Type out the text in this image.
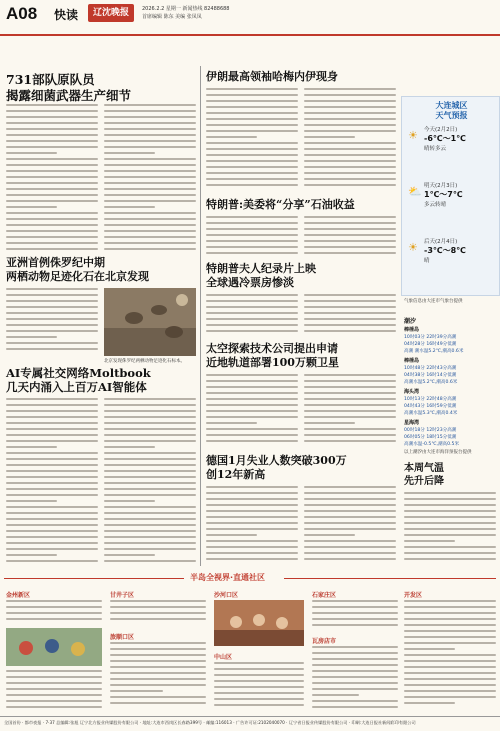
A08 快读	辽沈晚报	2026.2.2 星期一 新闻热线 82488688
首席编辑 陈东 美编 张凤凤
731部队原队员
揭露细菌武器生产细节
亚洲首例侏罗纪中期
两栖动物足迹化石在北京发现
北京发现侏罗纪两栖动物足迹化石标本。
AI专属社交网络Moltbook
几天内涌入上百万AI智能体
伊朗最高领袖哈梅内伊现身
特朗普:美委将“分享”石油收益
特朗普夫人纪录片上映
全球遇冷票房惨淡
太空探索技术公司提出申请
近地轨道部署100万颗卫星
德国1月失业人数突破300万
创12年新高
大连城区
天气预报
☀ 今天(2月2日)
-6℃～1℃
晴转多云
⛅ 明天(2月3日)
1℃～7℃
多云转晴
☀ 后天(2月4日)
-3℃～8℃
晴
气象信息由大连市气象台提供
潮汐
棒棰岛
10时03分 22时39分高潮
04时28分 16时49分低潮
高潮 潮水温5.2℃,潮高0.6米
棒棰岛
10时48分 22时43分高潮
04时38分 16时14分低潮
高潮水温5.2℃,潮高0.6米
海头湾
10时13分 22时48分高潮
04时43分 16时59分低潮
高潮水温5.3℃,潮高0.4米
星海湾
00时18分 12时23分高潮
06时05分 18时15分低潮
高潮水温-0.5℃,潮高0.5米
以上潮汐由大连市海洋预报台提供
本周气温
先升后降
半岛全视界·直通社区
金州新区	甘井子区
旅顺口区
沙河口区
中山区
石家庄区
瓦房店市
开发区
全国首份 · 都市夜报 · 7·37 总编辑:张旭 辽宁北方报业传媒股份有限公司 · 地址:大连市西岗区长春路399号 · 邮编:116013 · 广告许可证:2102040070 · 辽宁省日报业传媒股份有限公司 · 印刷:大连日报社新闻彩印有限公司
